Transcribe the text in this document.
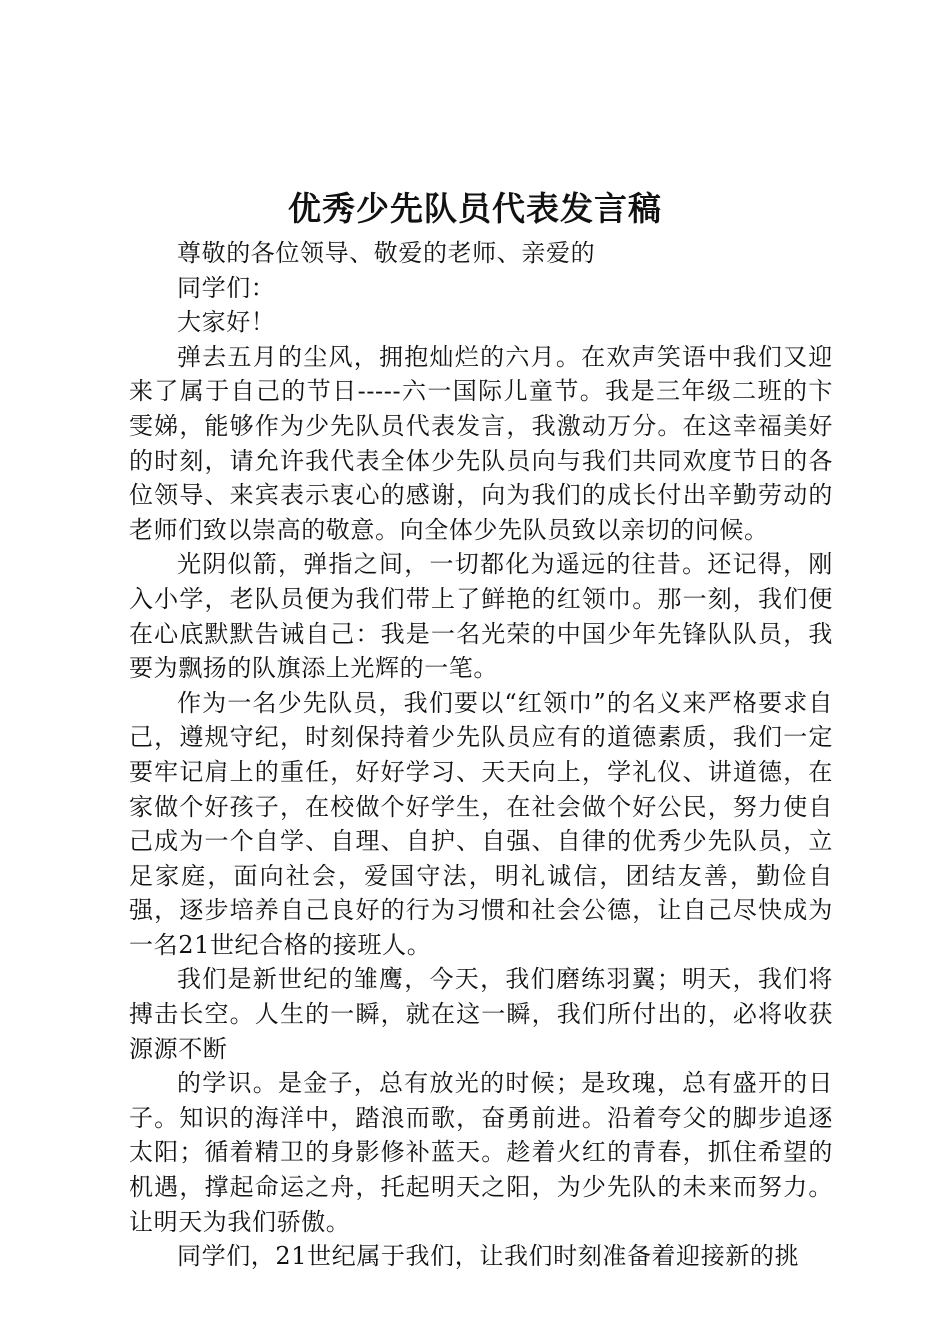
优秀少先队员代表发言稿

尊敬的各位领导、敬爱的老师、亲爱的

同学们：

大家好！

弹去五月的尘风，拥抱灿烂的六月。在欢声笑语中我们又迎来了属于自己的节日-----六一国际儿童节。我是三年级二班的卞雯娣，能够作为少先队员代表发言，我激动万分。在这幸福美好的时刻，请允许我代表全体少先队员向与我们共同欢度节日的各位领导、来宾表示衷心的感谢，向为我们的成长付出辛勤劳动的老师们致以崇高的敬意。向全体少先队员致以亲切的问候。

光阴似箭，弹指之间，一切都化为遥远的往昔。还记得，刚入小学，老队员便为我们带上了鲜艳的红领巾。那一刻，我们便在心底默默告诫自己：我是一名光荣的中国少年先锋队队员，我要为飘扬的队旗添上光辉的一笔。

作为一名少先队员，我们要以“红领巾”的名义来严格要求自己，遵规守纪，时刻保持着少先队员应有的道德素质，我们一定要牢记肩上的重任，好好学习、天天向上，学礼仪、讲道德，在家做个好孩子，在校做个好学生，在社会做个好公民，努力使自己成为一个自学、自理、自护、自强、自律的优秀少先队员，立足家庭，面向社会，爱国守法，明礼诚信，团结友善，勤俭自强，逐步培养自己良好的行为习惯和社会公德，让自己尽快成为一名21世纪合格的接班人。

我们是新世纪的雏鹰，今天，我们磨练羽翼；明天，我们将搏击长空。人生的一瞬，就在这一瞬，我们所付出的，必将收获源源不断

的学识。是金子，总有放光的时候；是玫瑰，总有盛开的日子。知识的海洋中，踏浪而歌，奋勇前进。沿着夸父的脚步追逐太阳；循着精卫的身影修补蓝天。趁着火红的青春，抓住希望的机遇，撑起命运之舟，托起明天之阳，为少先队的未来而努力。让明天为我们骄傲。

同学们，21世纪属于我们，让我们时刻准备着迎接新的挑
